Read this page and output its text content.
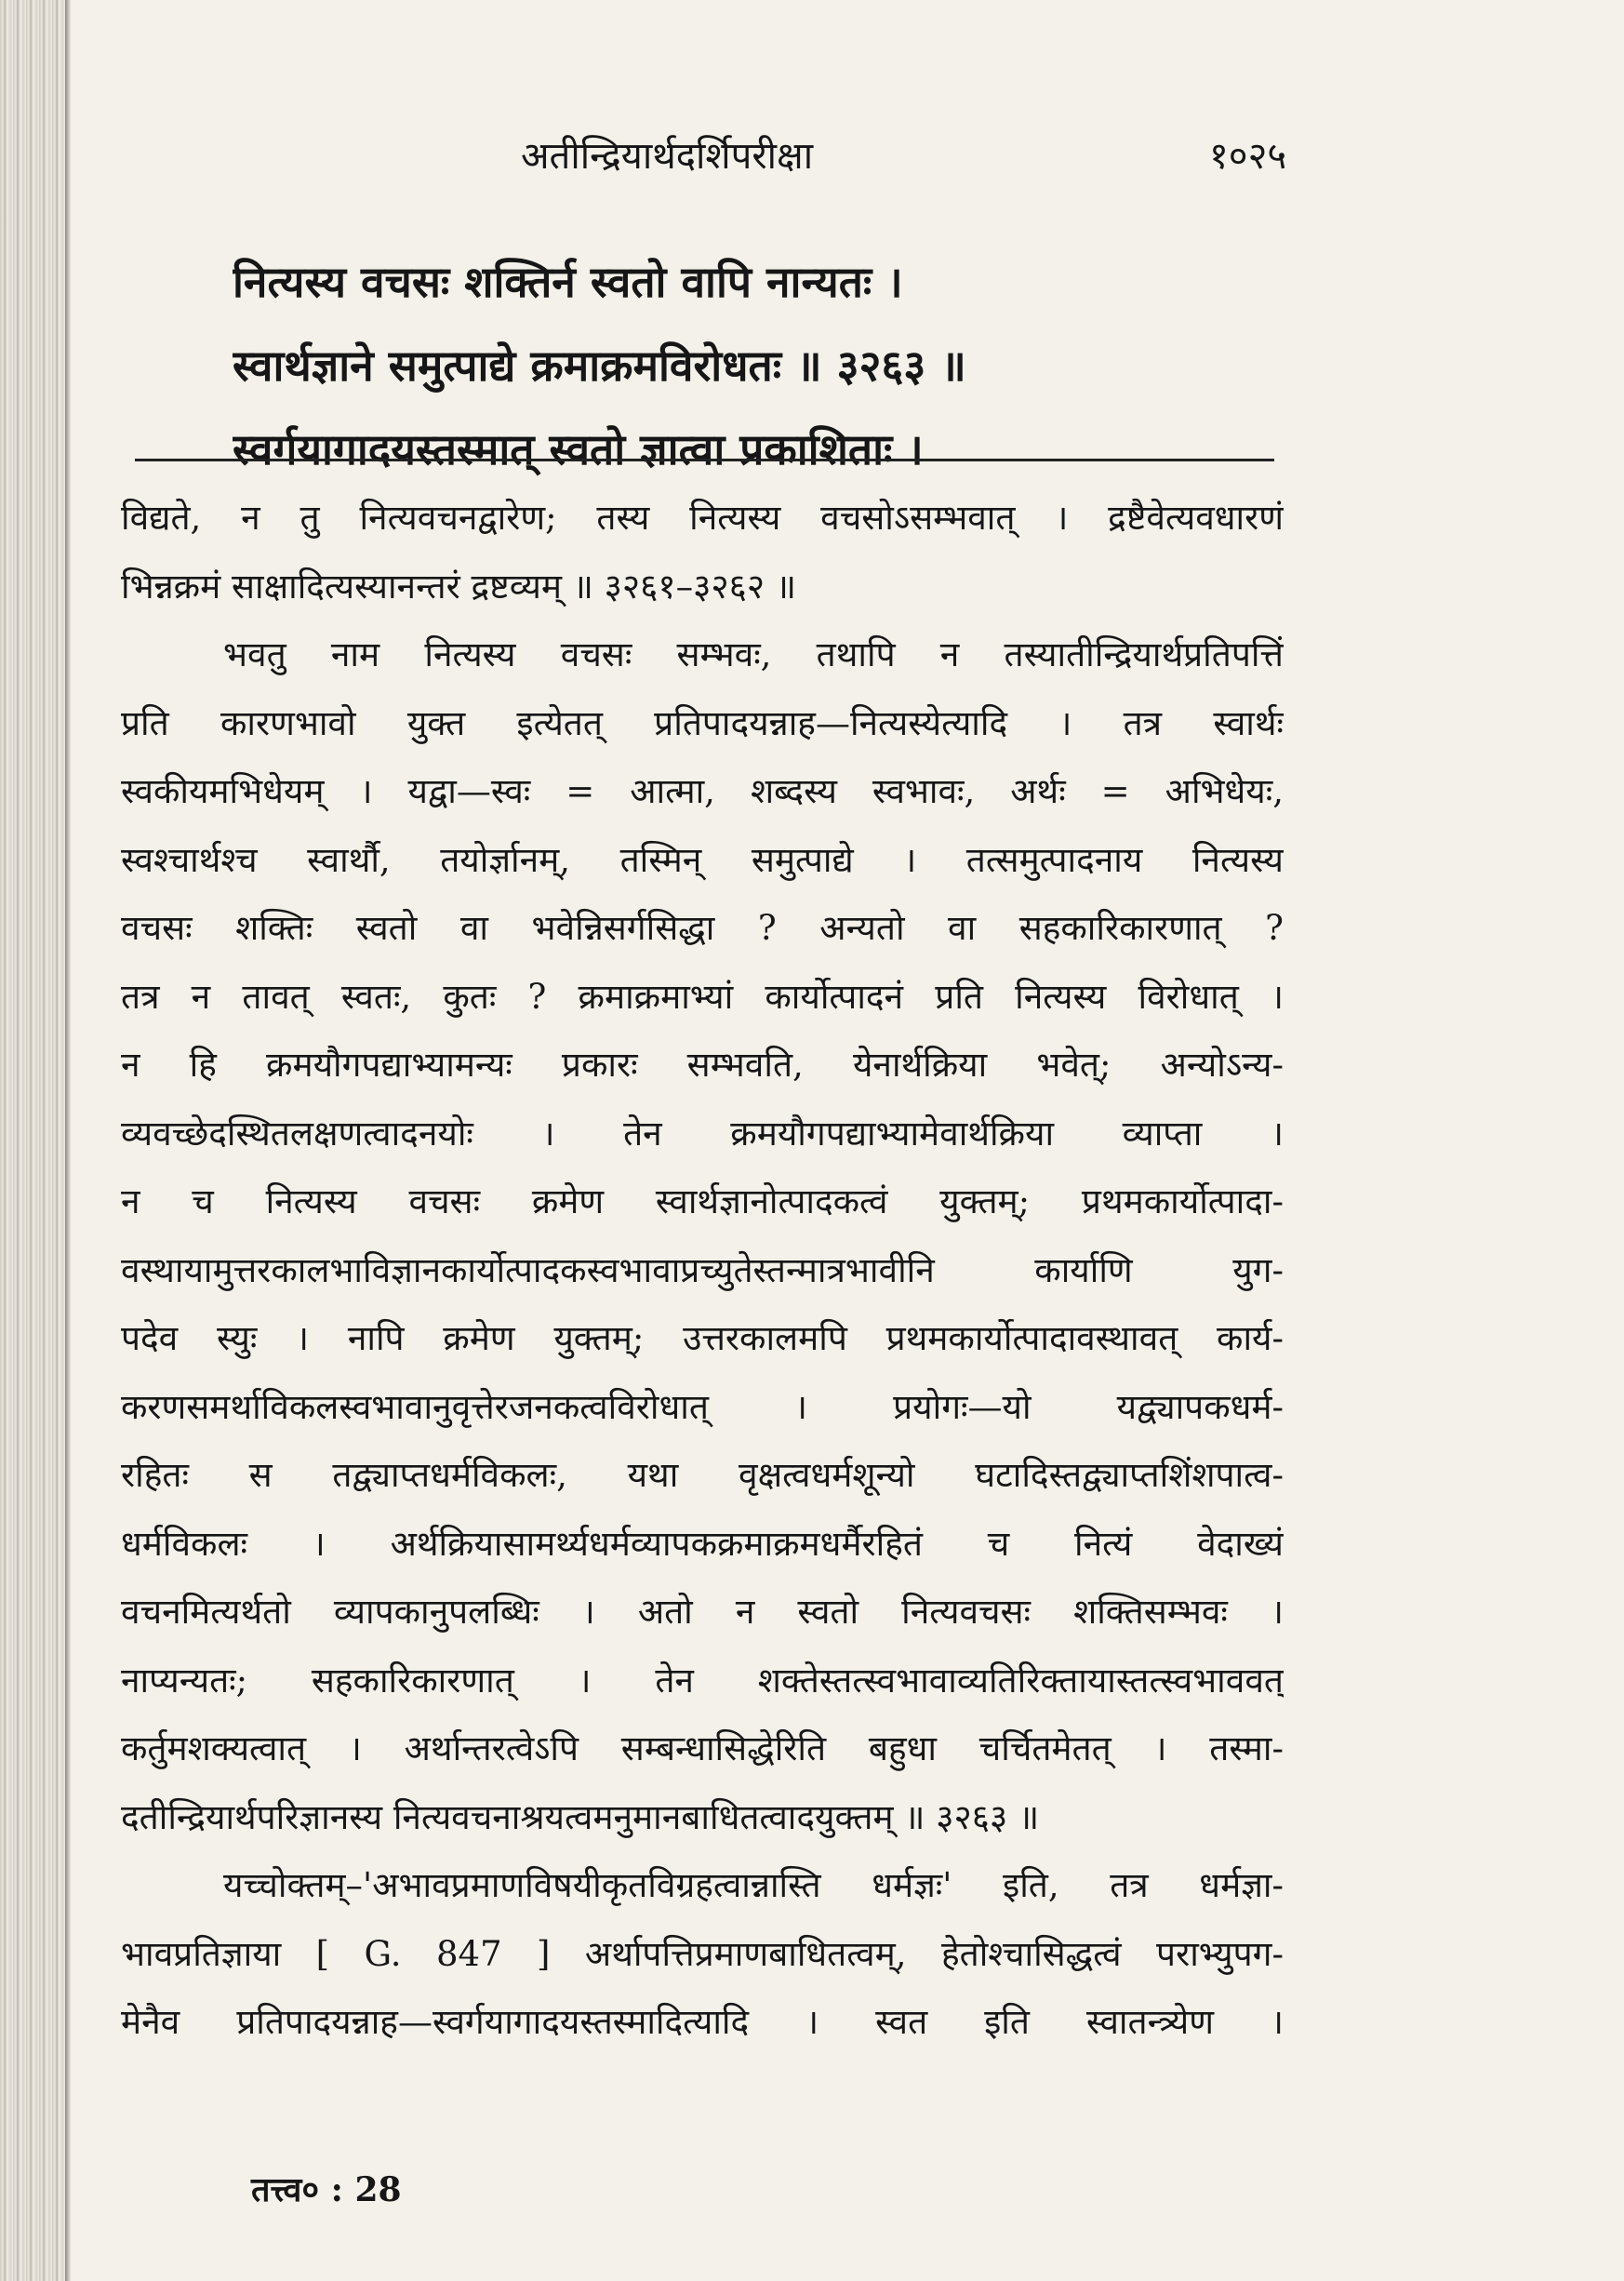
अतीन्द्रियार्थदर्शिपरीक्षा	१०२५
नित्यस्य वचसः शक्तिर्न स्वतो वापि नान्यतः ।
स्वार्थज्ञाने समुत्पाद्ये क्रमाक्रमविरोधतः ॥ ३२६३ ॥
स्वर्गयागादयस्तस्मात् स्वतो ज्ञात्वा प्रकाशिताः ।
विद्यते, न तु नित्यवचनद्वारेण; तस्य नित्यस्य वचसोऽसम्भवात् । द्रष्टैवेत्यवधारणं
भिन्नक्रमं साक्षादित्यस्यानन्तरं द्रष्टव्यम् ॥ ३२६१–३२६२ ॥
भवतु नाम नित्यस्य वचसः सम्भवः, तथापि न तस्यातीन्द्रियार्थप्रतिपत्तिं
प्रति कारणभावो युक्त इत्येतत् प्रतिपादयन्नाह—नित्यस्येत्यादि । तत्र स्वार्थः
स्वकीयमभिधेयम् । यद्वा—स्वः = आत्मा, शब्दस्य स्वभावः, अर्थः = अभिधेयः,
स्वश्चार्थश्च स्वार्थौ, तयोर्ज्ञानम्, तस्मिन् समुत्पाद्ये । तत्समुत्पादनाय नित्यस्य
वचसः शक्तिः स्वतो वा भवेन्निसर्गसिद्धा ? अन्यतो वा सहकारिकारणात् ?
तत्र न तावत् स्वतः, कुतः ? क्रमाक्रमाभ्यां कार्योत्पादनं प्रति नित्यस्य विरोधात् ।
न हि क्रमयौगपद्याभ्यामन्यः प्रकारः सम्भवति, येनार्थक्रिया भवेत्; अन्योऽन्य-
व्यवच्छेदस्थितलक्षणत्वादनयोः । तेन क्रमयौगपद्याभ्यामेवार्थक्रिया व्याप्ता ।
न च नित्यस्य वचसः क्रमेण स्वार्थज्ञानोत्पादकत्वं युक्तम्; प्रथमकार्योत्पादा-
वस्थायामुत्तरकालभाविज्ञानकार्योत्पादकस्वभावाप्रच्युतेस्तन्मात्रभावीनि कार्याणि युग-
पदेव स्युः । नापि क्रमेण युक्तम्; उत्तरकालमपि प्रथमकार्योत्पादावस्थावत् कार्य-
करणसमर्थाविकलस्वभावानुवृत्तेरजनकत्वविरोधात् । प्रयोगः—यो यद्व्यापकधर्म-
रहितः स तद्व्याप्तधर्मविकलः, यथा वृक्षत्वधर्मशून्यो घटादिस्तद्व्याप्तशिंशपात्व-
धर्मविकलः । अर्थक्रियासामर्थ्यधर्मव्यापकक्रमाक्रमधर्मैरहितं च नित्यं वेदाख्यं
वचनमित्यर्थतो व्यापकानुपलब्धिः । अतो न स्वतो नित्यवचसः शक्तिसम्भवः ।
नाप्यन्यतः; सहकारिकारणात् । तेन शक्तेस्तत्स्वभावाव्यतिरिक्तायास्तत्स्वभाववत्
कर्तुमशक्यत्वात् । अर्थान्तरत्वेऽपि सम्बन्धासिद्धेरिति बहुधा चर्चितमेतत् । तस्मा-
दतीन्द्रियार्थपरिज्ञानस्य नित्यवचनाश्रयत्वमनुमानबाधितत्वादयुक्तम् ॥ ३२६३ ॥
यच्चोक्तम्–'अभावप्रमाणविषयीकृतविग्रहत्वान्नास्ति धर्मज्ञः' इति, तत्र धर्मज्ञा-
भावप्रतिज्ञाया [ G. 847 ] अर्थापत्तिप्रमाणबाधितत्वम्, हेतोश्चासिद्धत्वं पराभ्युपग-
मेनैव प्रतिपादयन्नाह—स्वर्गयागादयस्तस्मादित्यादि । स्वत इति स्वातन्त्र्येण ।
तत्त्व० : 28
